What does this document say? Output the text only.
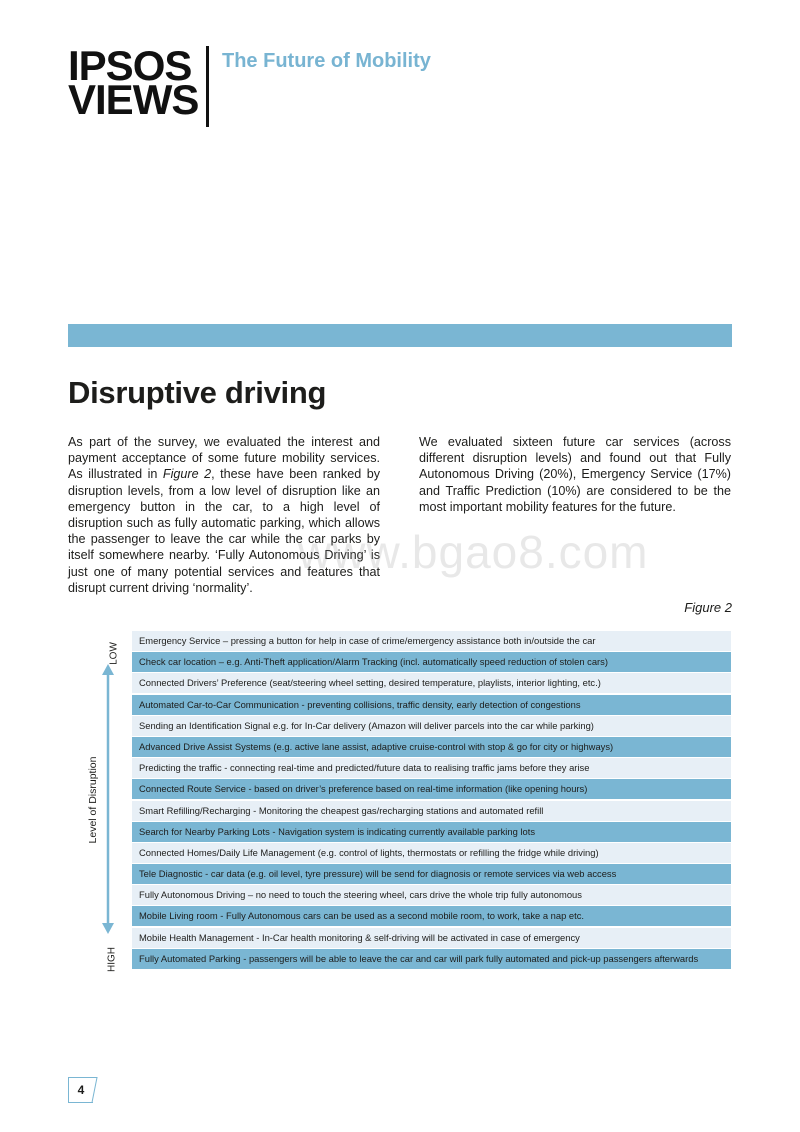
IPSOS
VIEWS
The Future of Mobility
Disruptive driving

As part of the survey, we evaluated the interest and payment acceptance of some future mobility services. As illustrated in Figure 2, these have been ranked by disruption levels, from a low level of disruption like an emergency button in the car, to a high level of disruption such as fully automatic parking, which allows the passenger to leave the car while the car parks by itself somewhere nearby. ‘Fully Autonomous Driving’ is just one of many potential services and features that disrupt current driving ‘normality’.

We evaluated sixteen future car services (across different disruption levels) and found out that Fully Autonomous Driving (20%), Emergency Service (17%) and Traffic Prediction (10%) are considered to be the most important mobility features for the future.

www.bgao8.com
Figure 2
LOW
Level of Disruption
HIGH
Emergency Service – pressing a button for help in case of crime/emergency assistance both in/outside the car
Check car location – e.g. Anti-Theft application/Alarm Tracking (incl. automatically speed reduction of stolen cars)
Connected Drivers’ Preference (seat/steering wheel setting, desired temperature, playlists, interior lighting, etc.)
Automated Car-to-Car Communication - preventing collisions, traffic density, early detection of congestions
Sending an Identification Signal e.g. for In-Car delivery (Amazon will deliver parcels into the car while parking)
Advanced Drive Assist Systems (e.g. active lane assist, adaptive cruise-control with stop & go for city or highways)
Predicting the traffic - connecting real-time and predicted/future data to realising traffic jams before they arise
Connected Route Service - based on driver’s preference based on real-time information (like opening hours)
Smart Refilling/Recharging - Monitoring the cheapest gas/recharging stations and automated refill
Search for Nearby Parking Lots - Navigation system is indicating currently available parking lots
Connected Homes/Daily Life Management (e.g. control of lights, thermostats or refilling the fridge while driving)
Tele Diagnostic - car data (e.g. oil level, tyre pressure) will be send for diagnosis or remote services via web access
Fully Autonomous Driving – no need to touch the steering wheel, cars drive the whole trip fully autonomous
Mobile Living room - Fully Autonomous cars can be used as a second mobile room, to work, take a nap etc.
Mobile Health Management - In-Car health monitoring & self-driving will be activated in case of emergency
Fully Automated Parking - passengers will be able to leave the car and car will park fully automated and pick-up passengers afterwards
4
